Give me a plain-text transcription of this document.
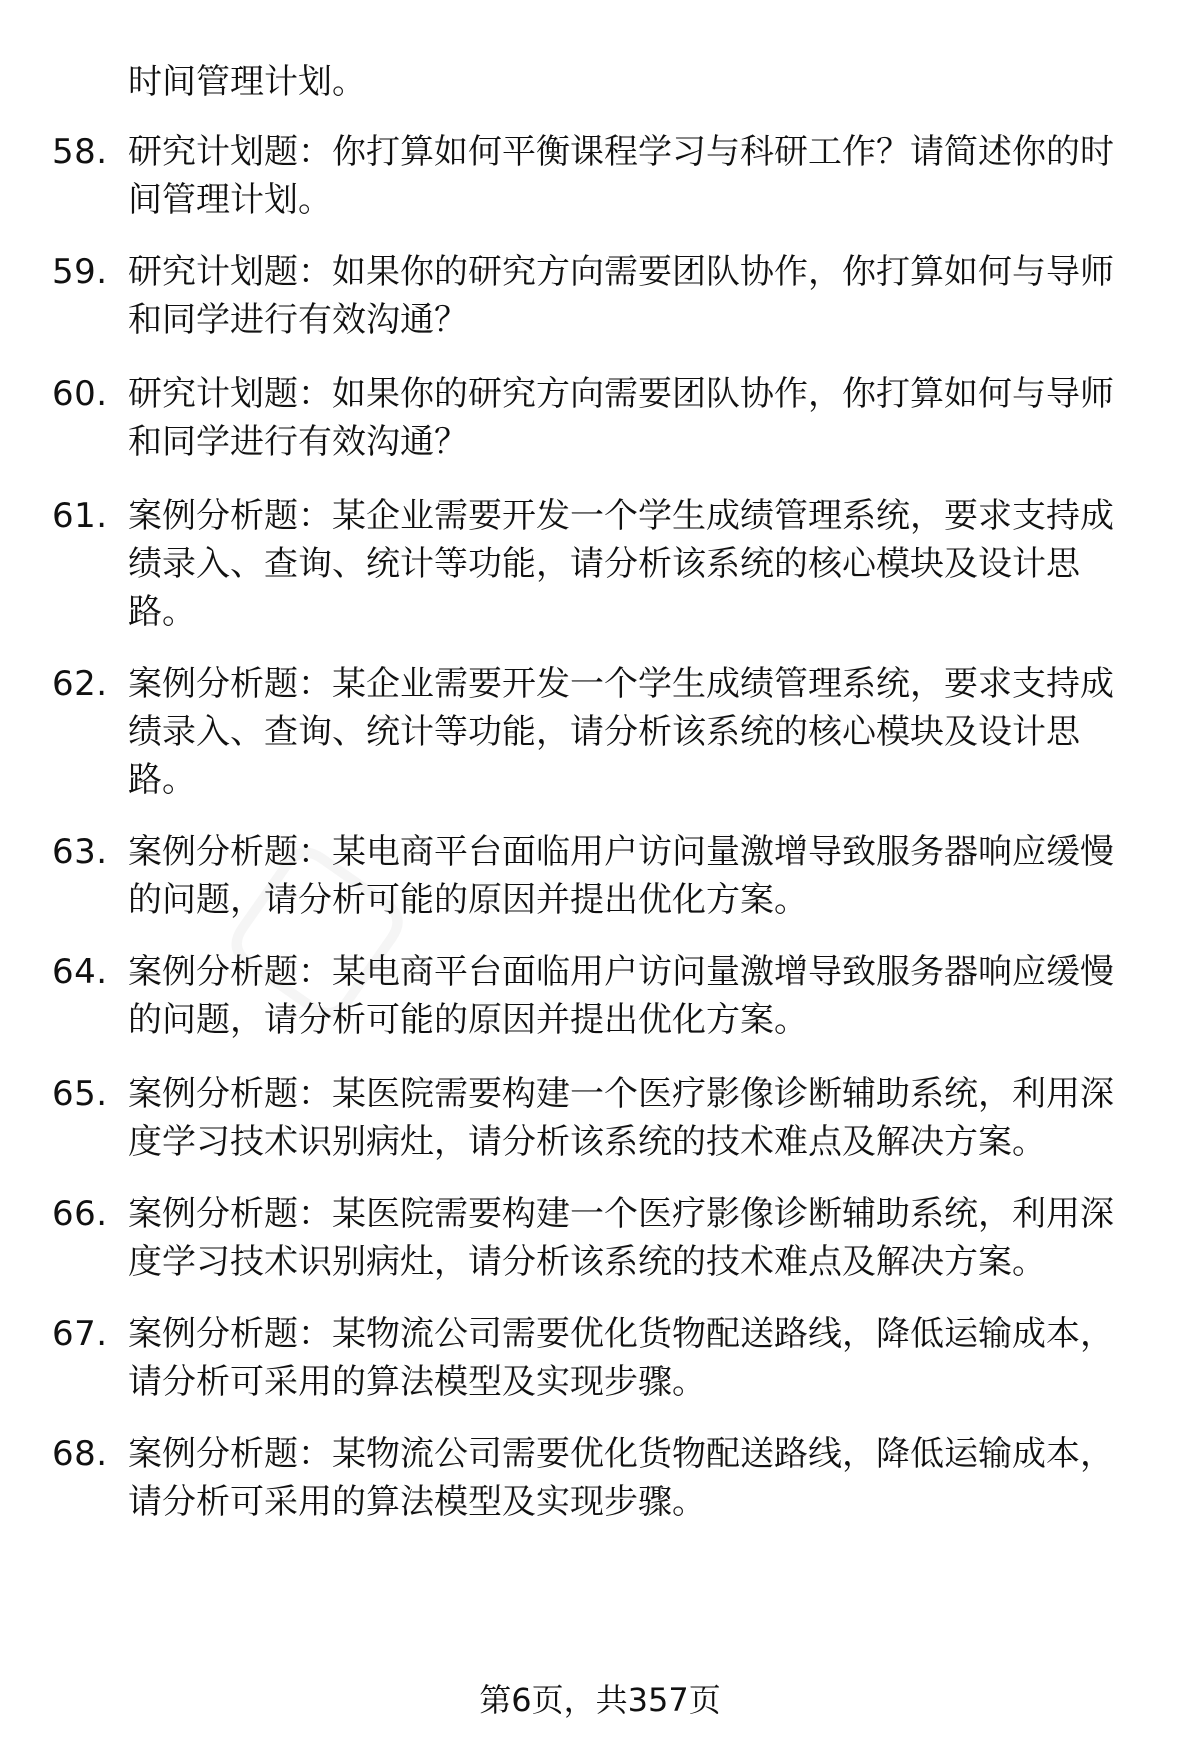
时间管理计划。
58. 研究计划题：你打算如何平衡课程学习与科研工作？请简述你的时间管理计划。
59. 研究计划题：如果你的研究方向需要团队协作，你打算如何与导师和同学进行有效沟通？
60. 研究计划题：如果你的研究方向需要团队协作，你打算如何与导师和同学进行有效沟通？
61. 案例分析题：某企业需要开发一个学生成绩管理系统，要求支持成绩录入、查询、统计等功能，请分析该系统的核心模块及设计思路。
62. 案例分析题：某企业需要开发一个学生成绩管理系统，要求支持成绩录入、查询、统计等功能，请分析该系统的核心模块及设计思路。
63. 案例分析题：某电商平台面临用户访问量激增导致服务器响应缓慢的问题，请分析可能的原因并提出优化方案。
64. 案例分析题：某电商平台面临用户访问量激增导致服务器响应缓慢的问题，请分析可能的原因并提出优化方案。
65. 案例分析题：某医院需要构建一个医疗影像诊断辅助系统，利用深度学习技术识别病灶，请分析该系统的技术难点及解决方案。
66. 案例分析题：某医院需要构建一个医疗影像诊断辅助系统，利用深度学习技术识别病灶，请分析该系统的技术难点及解决方案。
67. 案例分析题：某物流公司需要优化货物配送路线，降低运输成本，请分析可采用的算法模型及实现步骤。
68. 案例分析题：某物流公司需要优化货物配送路线，降低运输成本，请分析可采用的算法模型及实现步骤。
第6页，共357页
